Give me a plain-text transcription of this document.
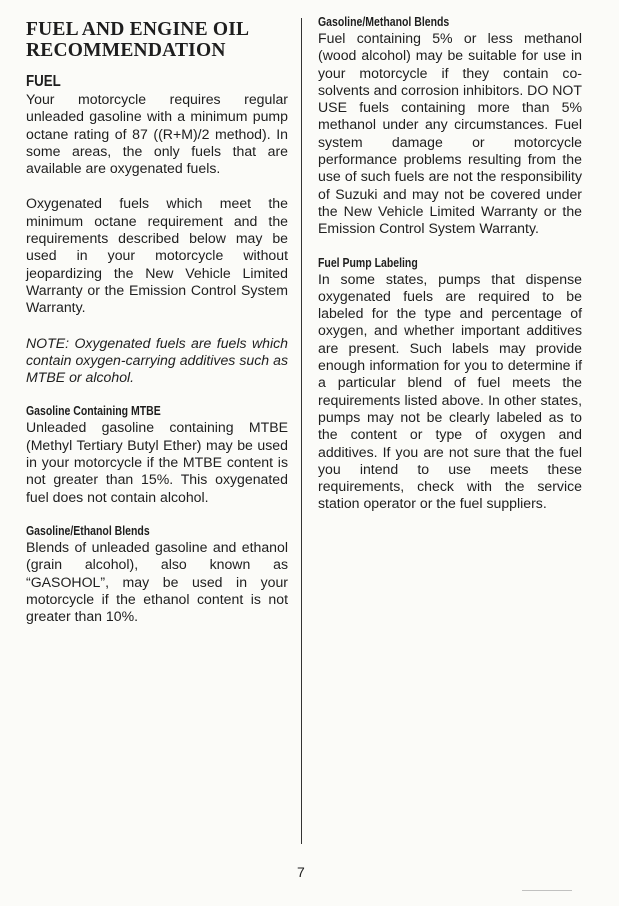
FUEL AND ENGINE OIL RECOMMENDATION
FUEL

Your motorcycle requires regular unleaded gasoline with a minimum pump octane rating of 87 ((R+M)/2 method). In some areas, the only fuels that are available are oxygenated fuels.

Oxygenated fuels which meet the minimum octane requirement and the requirements described below may be used in your motorcycle without jeopardizing the New Vehicle Limited Warranty or the Emission Control System Warranty.

NOTE: Oxygenated fuels are fuels which contain oxygen-carrying additives such as MTBE or alcohol.

Gasoline Containing MTBE

Unleaded gasoline containing MTBE (Methyl Tertiary Butyl Ether) may be used in your motorcycle if the MTBE content is not greater than 15%. This oxygenated fuel does not contain alcohol.

Gasoline/Ethanol Blends

Blends of unleaded gasoline and ethanol (grain alcohol), also known as “GASOHOL”, may be used in your motorcycle if the ethanol content is not greater than 10%.

Gasoline/Methanol Blends

Fuel containing 5% or less methanol (wood alcohol) may be suitable for use in your motorcycle if they contain co-solvents and corrosion inhibitors. DO NOT USE fuels containing more than 5% methanol under any circumstances. Fuel system damage or motorcycle performance problems resulting from the use of such fuels are not the responsibility of Suzuki and may not be covered under the New Vehicle Limited Warranty or the Emission Control System Warranty.

Fuel Pump Labeling

In some states, pumps that dispense oxygenated fuels are required to be labeled for the type and percentage of oxygen, and whether important additives are present. Such labels may provide enough information for you to determine if a particular blend of fuel meets the requirements listed above. In other states, pumps may not be clearly labeled as to the content or type of oxygen and additives. If you are not sure that the fuel you intend to use meets these requirements, check with the service station operator or the fuel suppliers.

7
